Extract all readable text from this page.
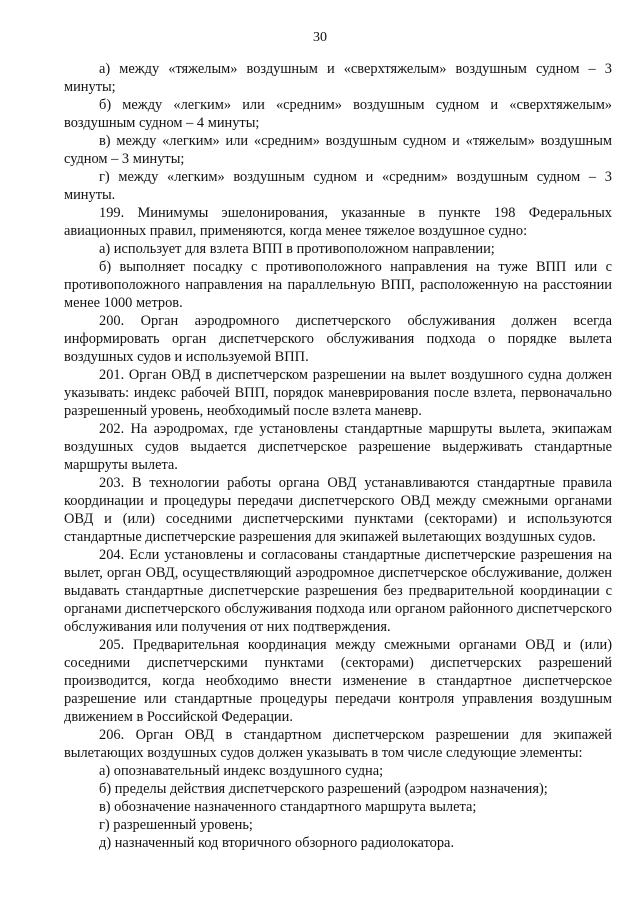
30

а) между «тяжелым» воздушным и «сверхтяжелым» воздушным судном – 3 минуты;

б) между «легким» или «средним» воздушным судном и «сверхтяжелым» воздушным судном – 4 минуты;

в) между «легким» или «средним» воздушным судном и «тяжелым» воздушным судном – 3 минуты;

г) между «легким» воздушным судном и «средним» воздушным судном – 3 минуты.

199. Минимумы эшелонирования, указанные в пункте 198 Федеральных авиационных правил, применяются, когда менее тяжелое воздушное судно:

а) использует для взлета ВПП в противоположном направлении;

б) выполняет посадку с противоположного направления на туже ВПП или с противоположного направления на параллельную ВПП, расположенную на расстоянии менее 1000 метров.

200. Орган аэродромного диспетчерского обслуживания должен всегда информировать орган диспетчерского обслуживания подхода о порядке вылета воздушных судов и используемой ВПП.

201. Орган ОВД в диспетчерском разрешении на вылет воздушного судна должен указывать: индекс рабочей ВПП, порядок маневрирования после взлета, первоначально разрешенный уровень, необходимый после взлета маневр.

202. На аэродромах, где установлены стандартные маршруты вылета, экипажам воздушных судов выдается диспетчерское разрешение выдерживать стандартные маршруты вылета.

203. В технологии работы органа ОВД устанавливаются стандартные правила координации и процедуры передачи диспетчерского ОВД между смежными органами ОВД и (или) соседними диспетчерскими пунктами (секторами) и используются стандартные диспетчерские разрешения для экипажей вылетающих воздушных судов.

204. Если установлены и согласованы стандартные диспетчерские разрешения на вылет, орган ОВД, осуществляющий аэродромное диспетчерское обслуживание, должен выдавать стандартные диспетчерские разрешения без предварительной координации с органами диспетчерского обслуживания подхода или органом районного диспетчерского обслуживания или получения от них подтверждения.

205. Предварительная координация между смежными органами ОВД и (или) соседними диспетчерскими пунктами (секторами) диспетчерских разрешений производится, когда необходимо внести изменение в стандартное диспетчерское разрешение или стандартные процедуры передачи контроля управления воздушным движением в Российской Федерации.

206. Орган ОВД в стандартном диспетчерском разрешении для экипажей вылетающих воздушных судов должен указывать в том числе следующие элементы:

а) опознавательный индекс воздушного судна;

б) пределы действия диспетчерского разрешений (аэродром назначения);

в) обозначение назначенного стандартного маршрута вылета;

г) разрешенный уровень;

д) назначенный код вторичного обзорного радиолокатора.
